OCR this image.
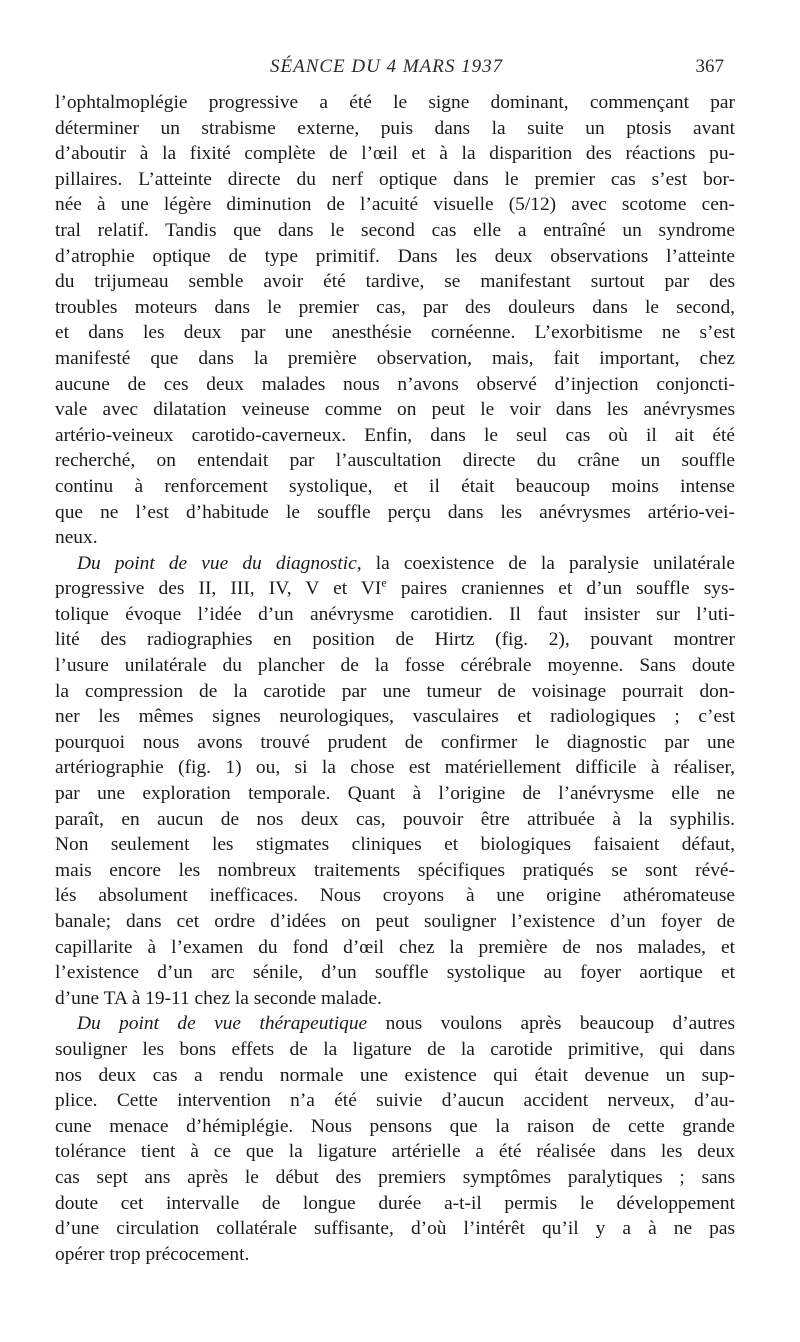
SÉANCE DU 4 MARS 1937	367

l’ophtalmoplégie progressive a été le signe dominant, commençant par
déterminer un strabisme externe, puis dans la suite un ptosis avant
d’aboutir à la fixité complète de l’œil et à la disparition des réactions pu-
pillaires. L’atteinte directe du nerf optique dans le premier cas s’est bor-
née à une légère diminution de l’acuité visuelle (5/12) avec scotome cen-
tral relatif. Tandis que dans le second cas elle a entraîné un syndrome
d’atrophie optique de type primitif. Dans les deux observations l’atteinte
du trijumeau semble avoir été tardive, se manifestant surtout par des
troubles moteurs dans le premier cas, par des douleurs dans le second,
et dans les deux par une anesthésie cornéenne. L’exorbitisme ne s’est
manifesté que dans la première observation, mais, fait important, chez
aucune de ces deux malades nous n’avons observé d’injection conjoncti-
vale avec dilatation veineuse comme on peut le voir dans les anévrysmes
artério-veineux carotido-caverneux. Enfin, dans le seul cas où il ait été
recherché, on entendait par l’auscultation directe du crâne un souffle
continu à renforcement systolique, et il était beaucoup moins intense
que ne l’est d’habitude le souffle perçu dans les anévrysmes artério-vei-
neux.

Du point de vue du diagnostic, la coexistence de la paralysie unilatérale
progressive des II, III, IV, V et VIe paires craniennes et d’un souffle sys-
tolique évoque l’idée d’un anévrysme carotidien. Il faut insister sur l’uti-
lité des radiographies en position de Hirtz (fig. 2), pouvant montrer
l’usure unilatérale du plancher de la fosse cérébrale moyenne. Sans doute
la compression de la carotide par une tumeur de voisinage pourrait don-
ner les mêmes signes neurologiques, vasculaires et radiologiques ; c’est
pourquoi nous avons trouvé prudent de confirmer le diagnostic par une
artériographie (fig. 1) ou, si la chose est matériellement difficile à réaliser,
par une exploration temporale. Quant à l’origine de l’anévrysme elle ne
paraît, en aucun de nos deux cas, pouvoir être attribuée à la syphilis.
Non seulement les stigmates cliniques et biologiques faisaient défaut,
mais encore les nombreux traitements spécifiques pratiqués se sont révé-
lés absolument inefficaces. Nous croyons à une origine athéromateuse
banale; dans cet ordre d’idées on peut souligner l’existence d’un foyer de
capillarite à l’examen du fond d’œil chez la première de nos malades, et
l’existence d’un arc sénile, d’un souffle systolique au foyer aortique et
d’une TA à 19-11 chez la seconde malade.

Du point de vue thérapeutique nous voulons après beaucoup d’autres
souligner les bons effets de la ligature de la carotide primitive, qui dans
nos deux cas a rendu normale une existence qui était devenue un sup-
plice. Cette intervention n’a été suivie d’aucun accident nerveux, d’au-
cune menace d’hémiplégie. Nous pensons que la raison de cette grande
tolérance tient à ce que la ligature artérielle a été réalisée dans les deux
cas sept ans après le début des premiers symptômes paralytiques ; sans
doute cet intervalle de longue durée a-t-il permis le développement
d’une circulation collatérale suffisante, d’où l’intérêt qu’il y a à ne pas
opérer trop précocement.
